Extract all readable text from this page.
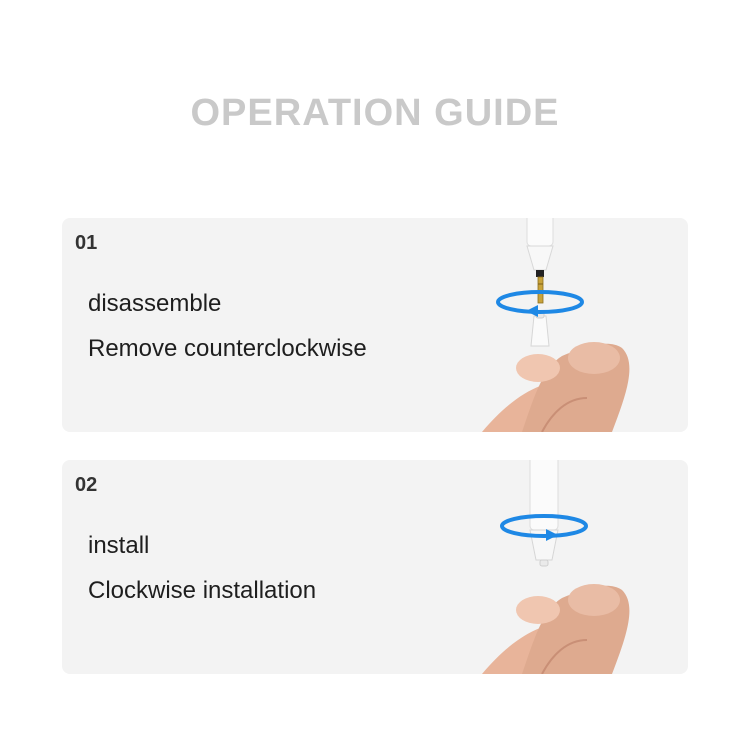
OPERATION GUIDE
01
disassemble
Remove counterclockwise
02
install
Clockwise installation
